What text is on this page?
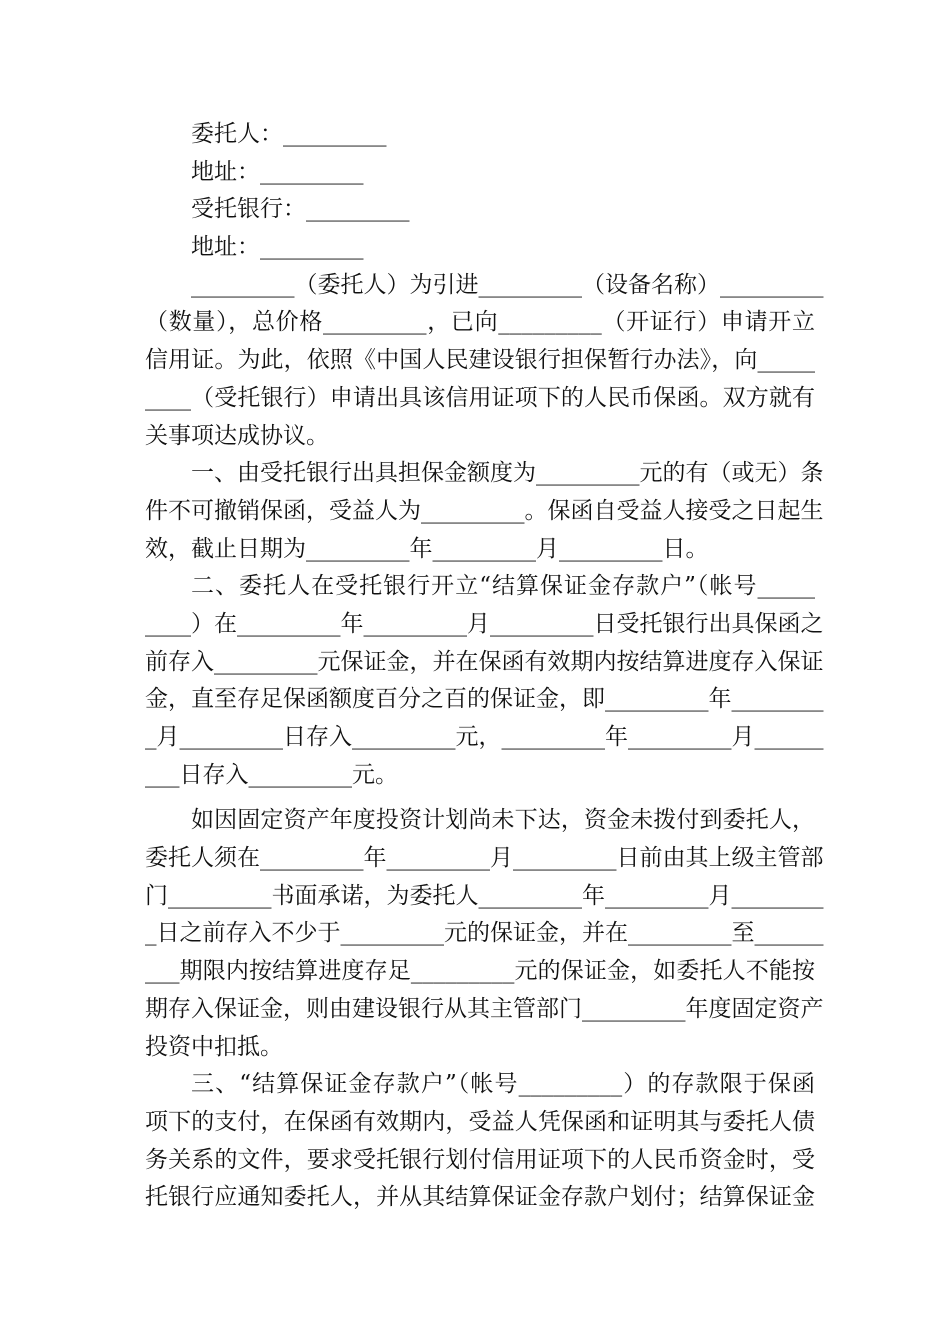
委托人：_________
地址：_________
受托银行：_________
地址：_________
_________（委托人）为引进_________（设备名称）_________
（数量），总价格_________，已向_________（开证行）申请开立
信用证。为此，依照《中国人民建设银行担保暂行办法》，向_____
____（受托银行）申请出具该信用证项下的人民币保函。双方就有
关事项达成协议。
一、由受托银行出具担保金额度为_________元的有（或无）条
件不可撤销保函，受益人为_________。保函自受益人接受之日起生
效，截止日期为_________年_________月_________日。
二、委托人在受托银行开立“结算保证金存款户”（帐号_____
____）在_________年_________月_________日受托银行出具保函之
前存入_________元保证金，并在保函有效期内按结算进度存入保证
金，直至存足保函额度百分之百的保证金，即_________年________
_月_________日存入_________元，_________年_________月______
___日存入_________元。
如因固定资产年度投资计划尚未下达，资金未拨付到委托人，
委托人须在_________年_________月_________日前由其上级主管部
门_________书面承诺，为委托人_________年_________月________
_日之前存入不少于_________元的保证金，并在_________至______
___期限内按结算进度存足_________元的保证金，如委托人不能按
期存入保证金，则由建设银行从其主管部门_________年度固定资产
投资中扣抵。
三、“结算保证金存款户”（帐号_________）的存款限于保函
项下的支付，在保函有效期内，受益人凭保函和证明其与委托人债
务关系的文件，要求受托银行划付信用证项下的人民币资金时，受
托银行应通知委托人，并从其结算保证金存款户划付；结算保证金
